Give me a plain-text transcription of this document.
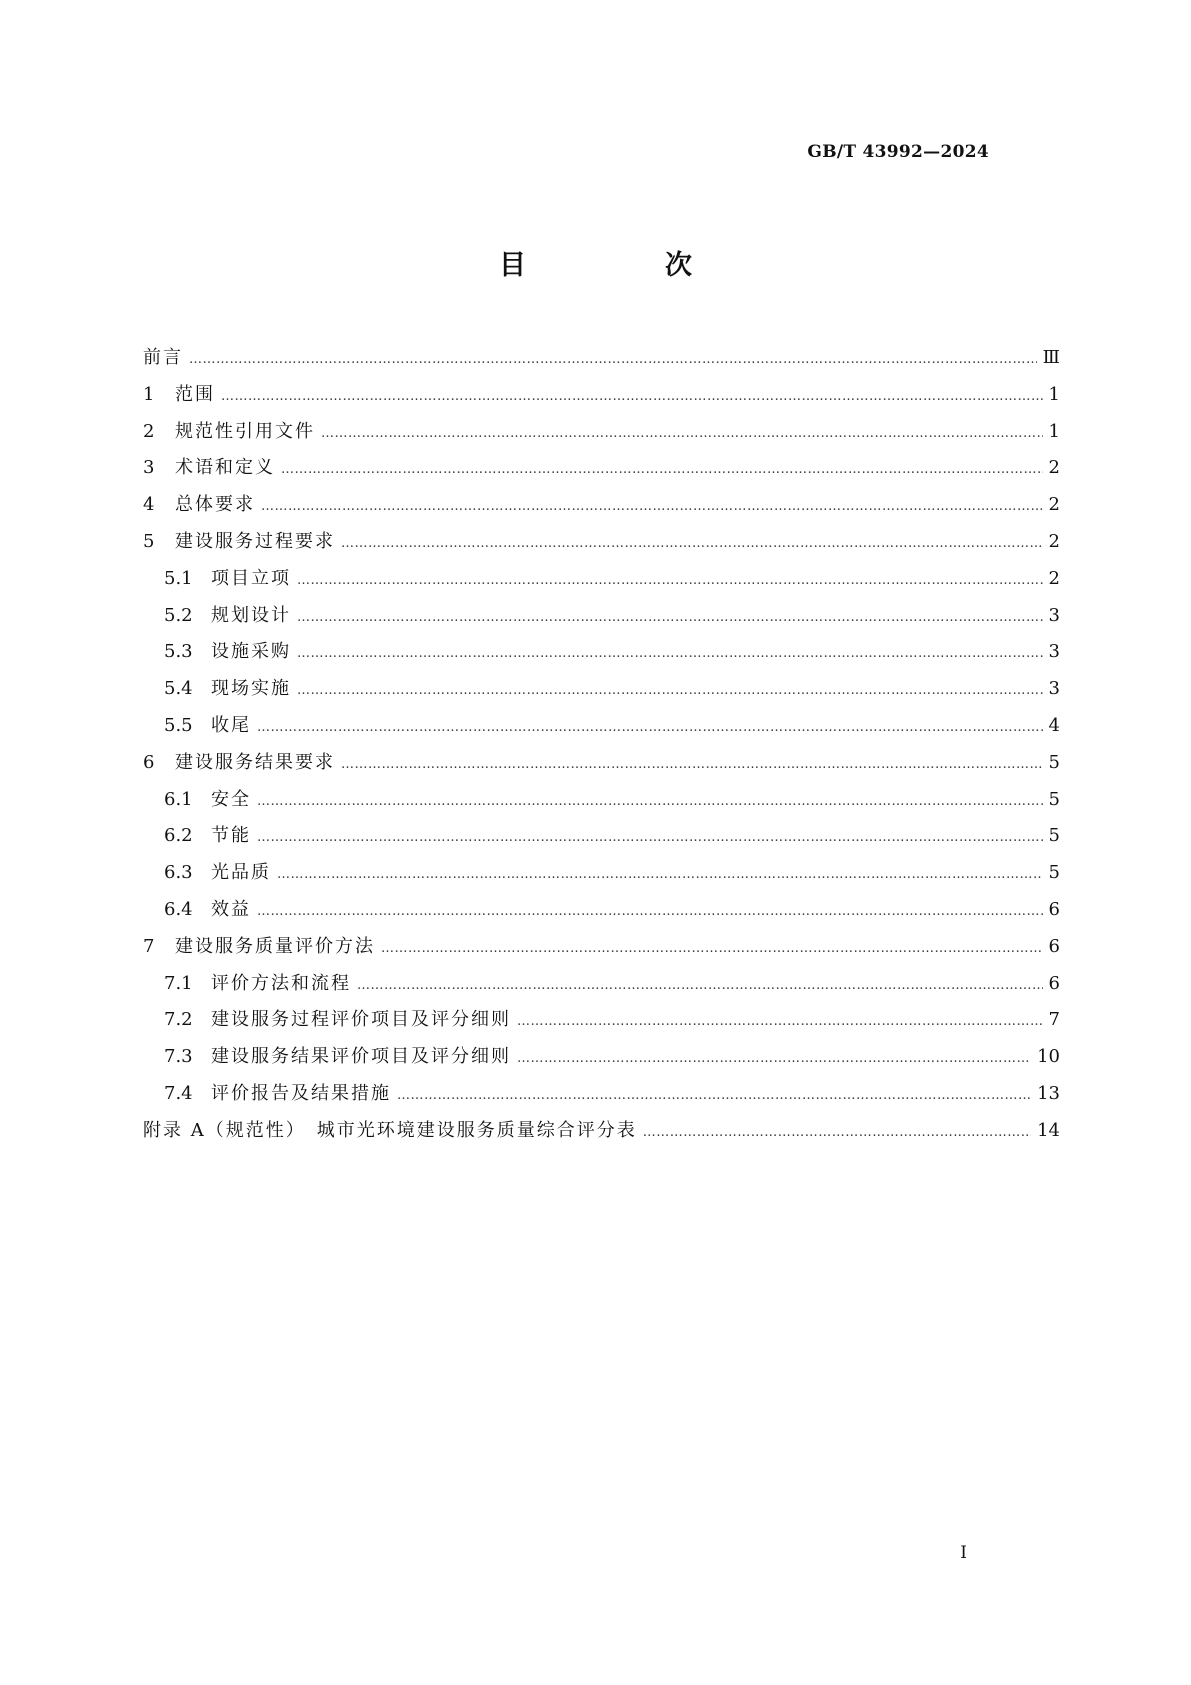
GB/T 43992—2024
目　次
前言 ……………………………………………………………………………………………………………………………………………………………………………………………………………………	Ⅲ
1	范围 ……………………………………………………………………………………………………………………………………………………………………………………………………………………	1
2	规范性引用文件 ……………………………………………………………………………………………………………………………………………………………………………………………………………………	1
3	术语和定义 ……………………………………………………………………………………………………………………………………………………………………………………………………………………	2
4	总体要求 ……………………………………………………………………………………………………………………………………………………………………………………………………………………	2
5	建设服务过程要求 ……………………………………………………………………………………………………………………………………………………………………………………………………………………	2
5.1	项目立项 ……………………………………………………………………………………………………………………………………………………………………………………………………………………	2
5.2	规划设计 ……………………………………………………………………………………………………………………………………………………………………………………………………………………	3
5.3	设施采购 ……………………………………………………………………………………………………………………………………………………………………………………………………………………	3
5.4	现场实施 ……………………………………………………………………………………………………………………………………………………………………………………………………………………	3
5.5	收尾 ……………………………………………………………………………………………………………………………………………………………………………………………………………………	4
6	建设服务结果要求 ……………………………………………………………………………………………………………………………………………………………………………………………………………………	5
6.1	安全 ……………………………………………………………………………………………………………………………………………………………………………………………………………………	5
6.2	节能 ……………………………………………………………………………………………………………………………………………………………………………………………………………………	5
6.3	光品质 ……………………………………………………………………………………………………………………………………………………………………………………………………………………	5
6.4	效益 ……………………………………………………………………………………………………………………………………………………………………………………………………………………	6
7	建设服务质量评价方法 ……………………………………………………………………………………………………………………………………………………………………………………………………………………	6
7.1	评价方法和流程 ……………………………………………………………………………………………………………………………………………………………………………………………………………………	6
7.2	建设服务过程评价项目及评分细则 ……………………………………………………………………………………………………………………………………………………………………………………………………………………	7
7.3	建设服务结果评价项目及评分细则 ……………………………………………………………………………………………………………………………………………………………………………………………………………………	10
7.4	评价报告及结果措施 ……………………………………………………………………………………………………………………………………………………………………………………………………………………	13
附录 A（规范性）　城市光环境建设服务质量综合评分表 ……………………………………………………………………………………………………………………………………………………………………………………………………………………	14
I
